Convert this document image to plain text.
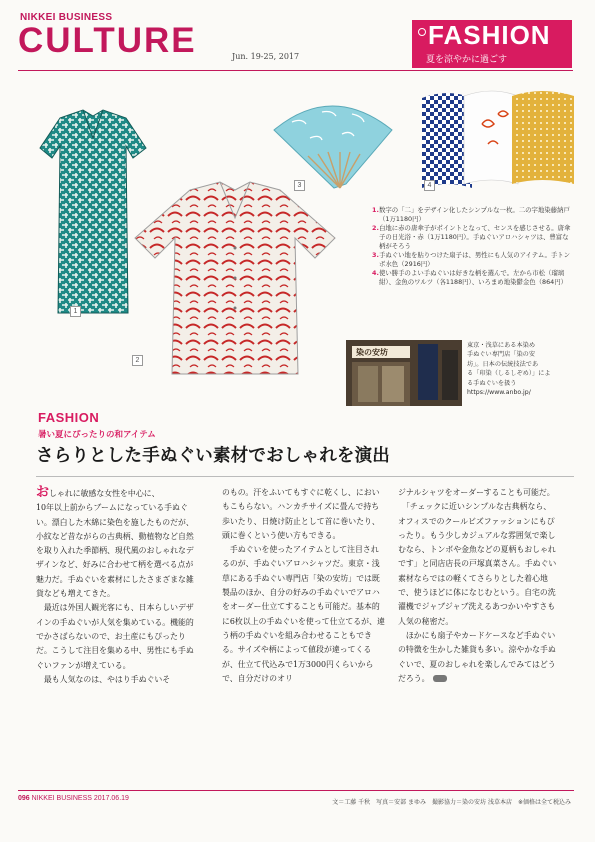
NIKKEI BUSINESS
CULTURE	Jun. 19-25, 2017
FASHION
夏を涼やかに過ごす
1
2
3	4
1. 数字の「二」をデザイン化したシンプルな一枚。二の字地染藤納戸（1万1180円）
2. 白地に赤の唐傘子がポイントとなって、センスを感じさせる。唐傘子の日光浴・赤（1万1180円）。手ぬぐいアロハシャツは、豊富な柄がそろう
3. 手ぬぐい地を貼りつけた扇子は、男性にも人気のアイテム。手トンボ水色（2916円）
4. 使い勝手のよい手ぬぐいは好きな柄を選んで。左から市松（瑠璃紺）、金魚のワルツ（各1188円）、いろまめ地染鬱金色（864円）
染の安坊
東京・浅草にある本染め
手ぬぐい専門店「染の安
坊」。日本の伝統技法であ
る「印染（しるしぞめ）」によ
る手ぬぐいを扱う
https://www.anbo.jp/
FASHION
暑い夏にぴったりの和アイテム
さらりとした手ぬぐい素材でおしゃれを演出

おしゃれに敏感な女性を中心に、
10年以上前からブームになっている手ぬぐい。漂白した木綿に染色を施したものだが、小紋など昔ながらの古典柄、動植物など自然を取り入れた季節柄、現代風のおしゃれなデザインなど、好みに合わせて柄を選べる点が魅力だ。手ぬぐいを素材にしたさまざまな雑貨なども増えてきた。
　最近は外国人観光客にも、日本らしいデザインの手ぬぐいが人気を集めている。機能的でかさばらないので、お土産にもぴったりだ。こうして注目を集める中、男性にも手ぬぐいファンが増えている。
　最も人気なのは、やはり手ぬぐいそ

のもの。汗をふいてもすぐに乾くし、においもこもらない。ハンカチサイズに畳んで持ち歩いたり、日焼け防止として首に巻いたり、頭に巻くという使い方もできる。
　手ぬぐいを使ったアイテムとして注目されるのが、手ぬぐいアロハシャツだ。東京・浅草にある手ぬぐい専門店「染の安坊」では既製品のほか、自分の好みの手ぬぐいでアロハをオーダー仕立てすることも可能だ。基本的に6枚以上の手ぬぐいを使って仕立てるが、違う柄の手ぬぐいを組み合わせることもできる。サイズや柄によって値段が違ってくるが、仕立て代込みで1万3000円くらいからで、自分だけのオリ

ジナルシャツをオーダーすることも可能だ。
　「チェックに近いシンプルな古典柄なら、オフィスでのクールビズファッションにもぴったり。もう少しカジュアルな雰囲気で楽しむなら、トンボや金魚などの夏柄もおしゃれです」と同店店長の戸塚真菜さん。手ぬぐい素材ならではの軽くてさらりとした着心地で、使うほどに体になじむという。自宅の洗濯機でジャブジャブ洗えるあつかいやすさも人気の秘密だ。
　ほかにも扇子やカードケースなど手ぬぐいの特徴を生かした雑貨も多い。涼やかな手ぬぐいで、夏のおしゃれを楽しんでみてはどうだろう。

096 NIKKEI BUSINESS 2017.06.19
文＝工藤 千秋　写真＝安部 まゆみ　撮影協力＝染の安坊 浅草本店　※価格は全て税込み
